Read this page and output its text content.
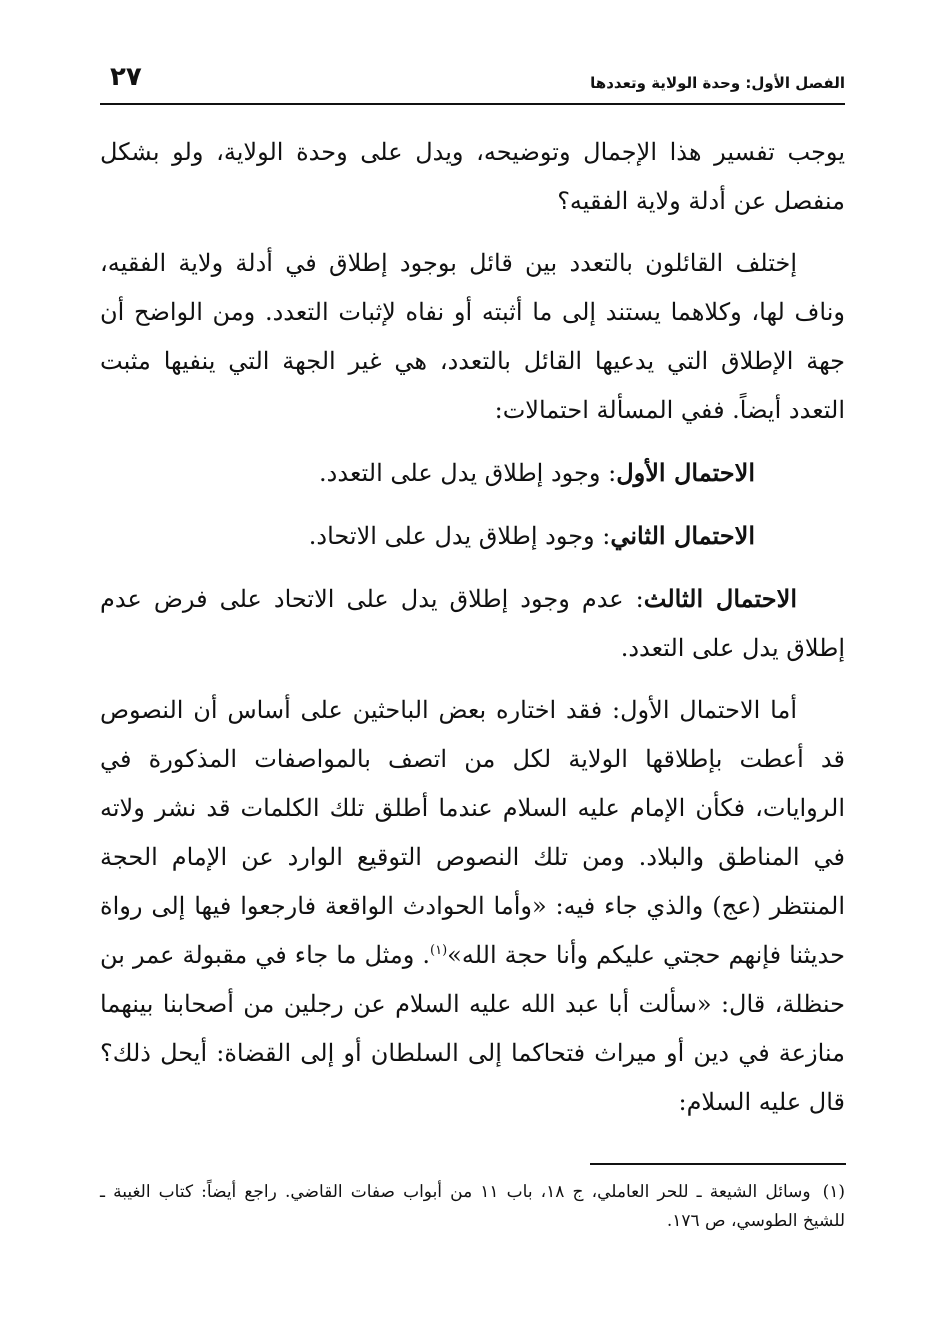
الفصل الأول: وحدة الولاية وتعددها
٢٧

يوجب تفسير هذا الإجمال وتوضيحه، ويدل على وحدة الولاية، ولو بشكل منفصل عن أدلة ولاية الفقيه؟

إختلف القائلون بالتعدد بين قائل بوجود إطلاق في أدلة ولاية الفقيه، وناف لها، وكلاهما يستند إلى ما أثبته أو نفاه لإثبات التعدد. ومن الواضح أن جهة الإطلاق التي يدعيها القائل بالتعدد، هي غير الجهة التي ينفيها مثبت التعدد أيضاً. ففي المسألة احتمالات:

الاحتمال الأول: وجود إطلاق يدل على التعدد.

الاحتمال الثاني: وجود إطلاق يدل على الاتحاد.

الاحتمال الثالث: عدم وجود إطلاق يدل على الاتحاد على فرض عدم إطلاق يدل على التعدد.

أما الاحتمال الأول: فقد اختاره بعض الباحثين على أساس أن النصوص قد أعطت بإطلاقها الولاية لكل من اتصف بالمواصفات المذكورة في الروايات، فكأن الإمام عليه السلام عندما أطلق تلك الكلمات قد نشر ولاته في المناطق والبلاد. ومن تلك النصوص التوقيع الوارد عن الإمام الحجة المنتظر (عج) والذي جاء فيه: «وأما الحوادث الواقعة فارجعوا فيها إلى رواة حديثنا فإنهم حجتي عليكم وأنا حجة الله»$^{(١)}$. ومثل ما جاء في مقبولة عمر بن حنظلة، قال: «سألت أبا عبد الله عليه السلام عن رجلين من أصحابنا بينهما منازعة في دين أو ميراث فتحاكما إلى السلطان أو إلى القضاة: أيحل ذلك؟ قال عليه السلام:

(١)وسائل الشيعة ـ للحر العاملي، ج ١٨، باب ١١ من أبواب صفات القاضي. راجع أيضاً: كتاب الغيبة ـ للشيخ الطوسي، ص ١٧٦.
